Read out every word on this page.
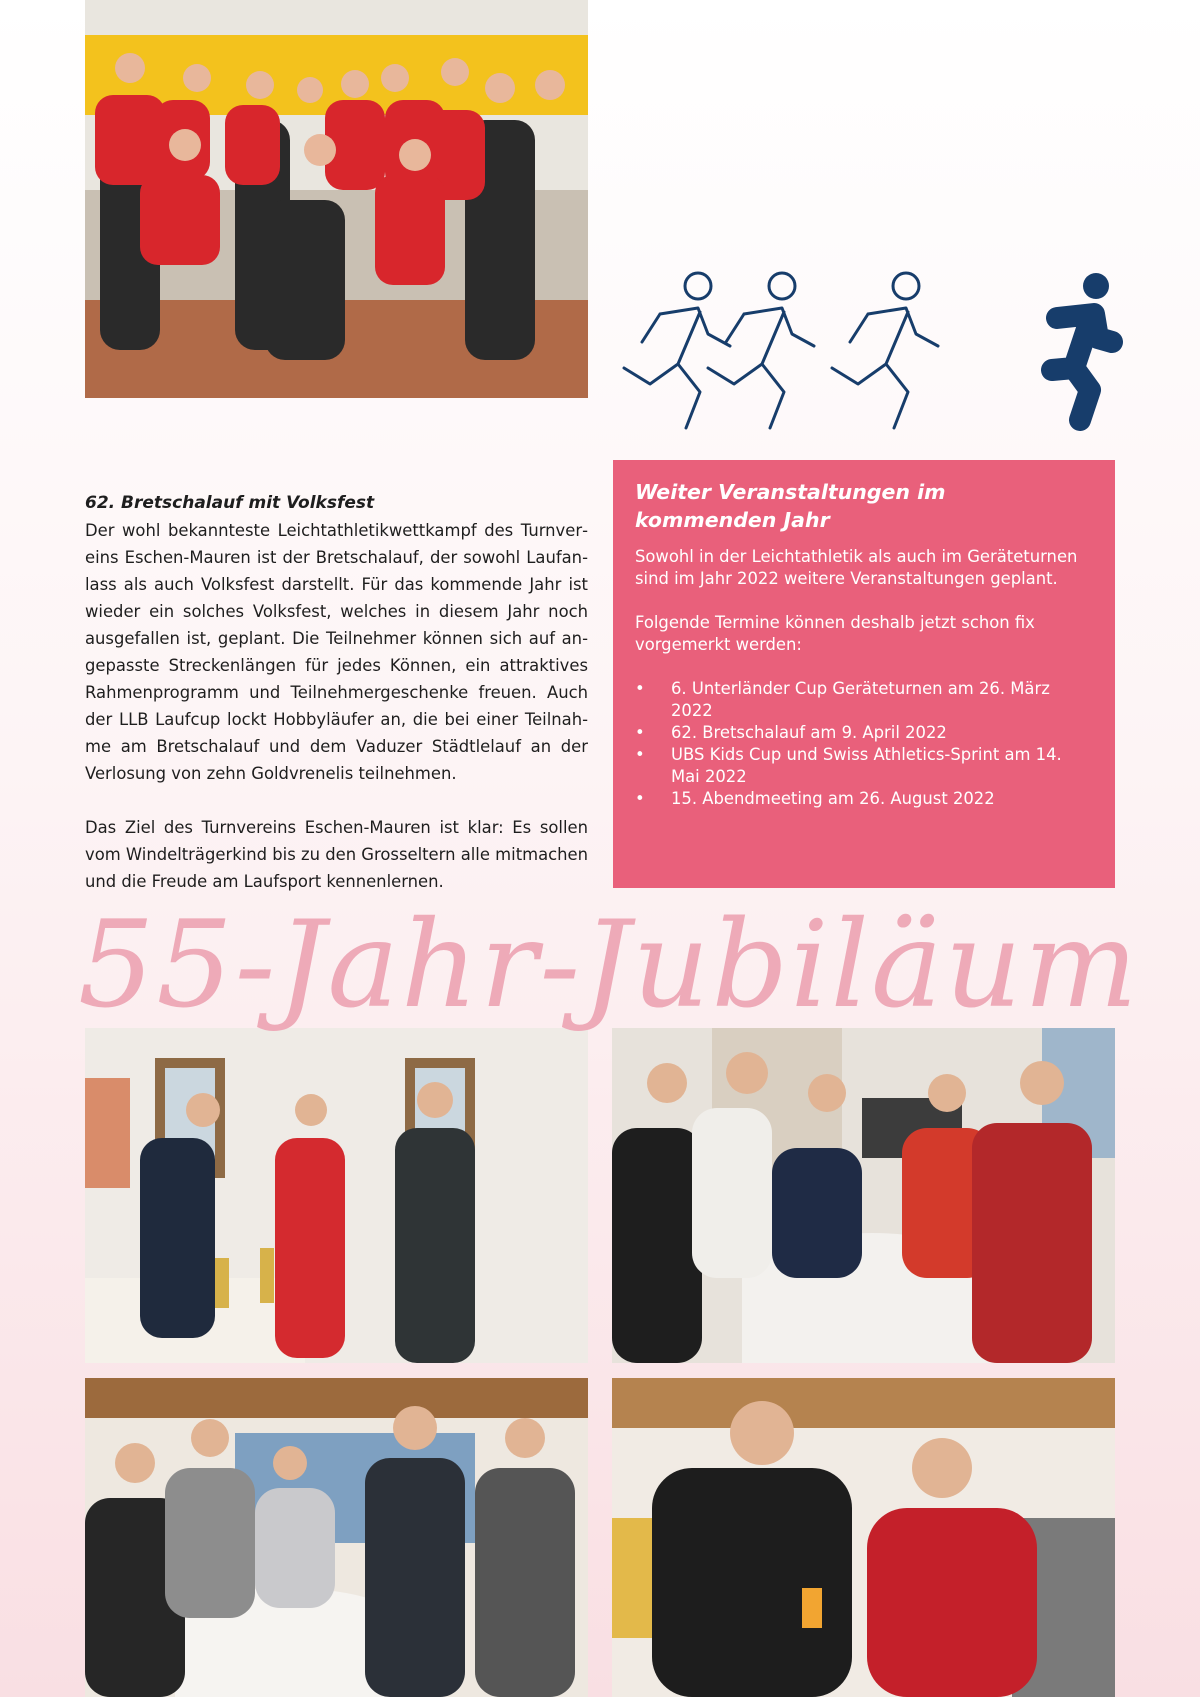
62. Bretschalauf mit Volksfest

Der wohl bekannteste Leichtathletikwettkampf des Turnvereins Eschen-Mauren ist der Bretschalauf, der sowohl Laufanlass als auch Volksfest darstellt. Für das kommende Jahr ist wieder ein solches Volksfest, welches in diesem Jahr noch ausgefallen ist, geplant. Die Teilnehmer können sich auf angepasste Streckenlängen für jedes Können, ein attraktives Rahmenprogramm und Teilnehmergeschenke freuen. Auch der LLB Laufcup lockt Hobbyläufer an, die bei einer Teilnahme am Bretschalauf und dem Vaduzer Städtlelauf an der Verlosung von zehn Goldvrenelis teilnehmen.

Das Ziel des Turnvereins Eschen-Mauren ist klar: Es sollen vom Windelträgerkind bis zu den Grosseltern alle mitmachen und die Freude am Laufsport kennenlernen.

Weiter Veranstaltungen im kommenden Jahr

Sowohl in der Leichtathletik als auch im Geräteturnen sind im Jahr 2022 weitere Veranstaltungen geplant.

Folgende Termine können deshalb jetzt schon fix vorgemerkt werden:

• 6. Unterländer Cup Geräteturnen am 26. März 2022
• 62. Bretschalauf am 9. April 2022
• UBS Kids Cup und Swiss Athletics-Sprint am 14. Mai 2022
• 15. Abendmeeting am 26. August 2022
55-Jahr-Jubiläum
